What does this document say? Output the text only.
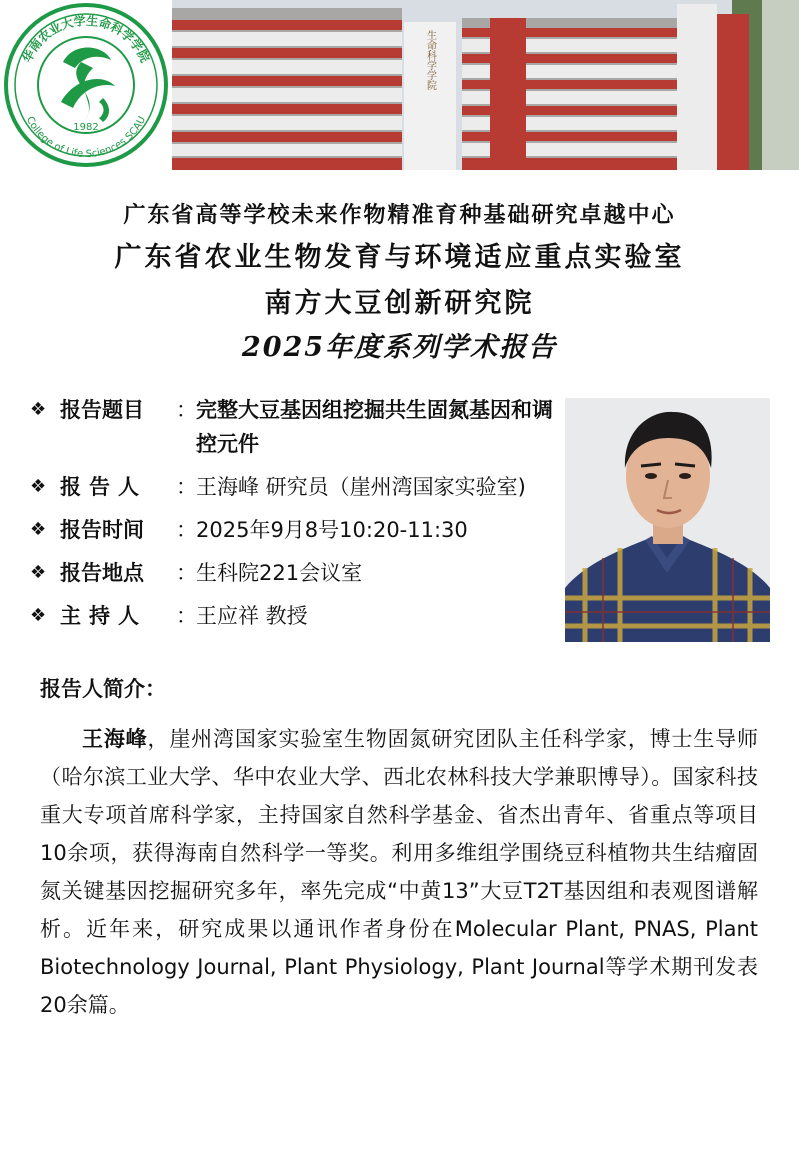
华南农业大学生命科学学院
College of Life Sciences SCAU
1982
生命科学学院
广东省高等学校未来作物精准育种基础研究卓越中心
广东省农业生物发育与环境适应重点实验室
南方大豆创新研究院
2025年度系列学术报告
❖ 报告题目	： 完整大豆基因组挖掘共生固氮基因和调控元件
❖ 报告人	： 王海峰 研究员（崖州湾国家实验室)
❖ 报告时间	： 2025年9月8号10:20-11:30
❖ 报告地点	： 生科院221会议室
❖ 主持人	： 王应祥 教授
报告人简介：
王海峰，崖州湾国家实验室生物固氮研究团队主任科学家，博士生导师（哈尔滨工业大学、华中农业大学、西北农林科技大学兼职博导）。国家科技重大专项首席科学家，主持国家自然科学基金、省杰出青年、省重点等项目10余项，获得海南自然科学一等奖。利用多维组学围绕豆科植物共生结瘤固氮关键基因挖掘研究多年，率先完成“中黄13”大豆T2T基因组和表观图谱解析。近年来，研究成果以通讯作者身份在Molecular Plant, PNAS, Plant Biotechnology Journal, Plant Physiology, Plant Journal等学术期刊发表20余篇。
